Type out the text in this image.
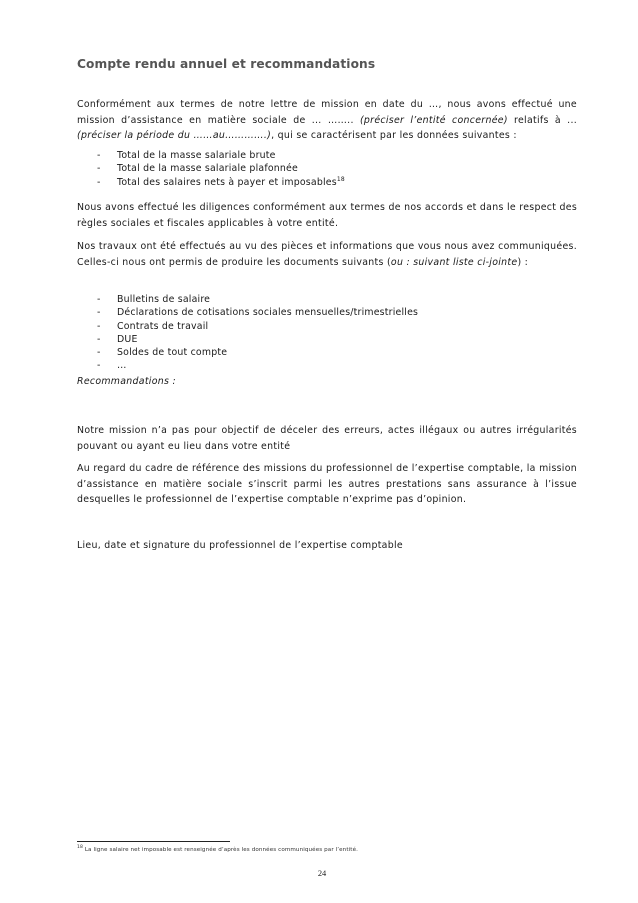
Compte rendu annuel et recommandations
Conformément aux termes de notre lettre de mission en date du …, nous avons effectué une mission d’assistance en matière sociale de ... …….. (préciser l’entité concernée) relatifs à ... (préciser la période du ……au………….), qui se caractérisent par les données suivantes :
- Total de la masse salariale brute
- Total de la masse salariale plafonnée
- Total des salaires nets à payer et imposables$^{18}$
Nous avons effectué les diligences conformément aux termes de nos accords et dans le respect des règles sociales et fiscales applicables à votre entité.
Nos travaux ont été effectués au vu des pièces et informations que vous nous avez communiquées. Celles-ci nous ont permis de produire les documents suivants (ou : suivant liste ci-jointe) :
- Bulletins de salaire
- Déclarations de cotisations sociales mensuelles/trimestrielles
- Contrats de travail
- DUE
- Soldes de tout compte
- …
Recommandations :
Notre mission n’a pas pour objectif de déceler des erreurs, actes illégaux ou autres irrégularités pouvant ou ayant eu lieu dans votre entité
Au regard du cadre de référence des missions du professionnel de l’expertise comptable, la mission d’assistance en matière sociale s’inscrit parmi les autres prestations sans assurance à l’issue desquelles le professionnel de l’expertise comptable n’exprime pas d’opinion.
Lieu, date et signature du professionnel de l’expertise comptable
$^{18}$ La ligne salaire net imposable est renseignée d’après les données communiquées par l’entité.
24
